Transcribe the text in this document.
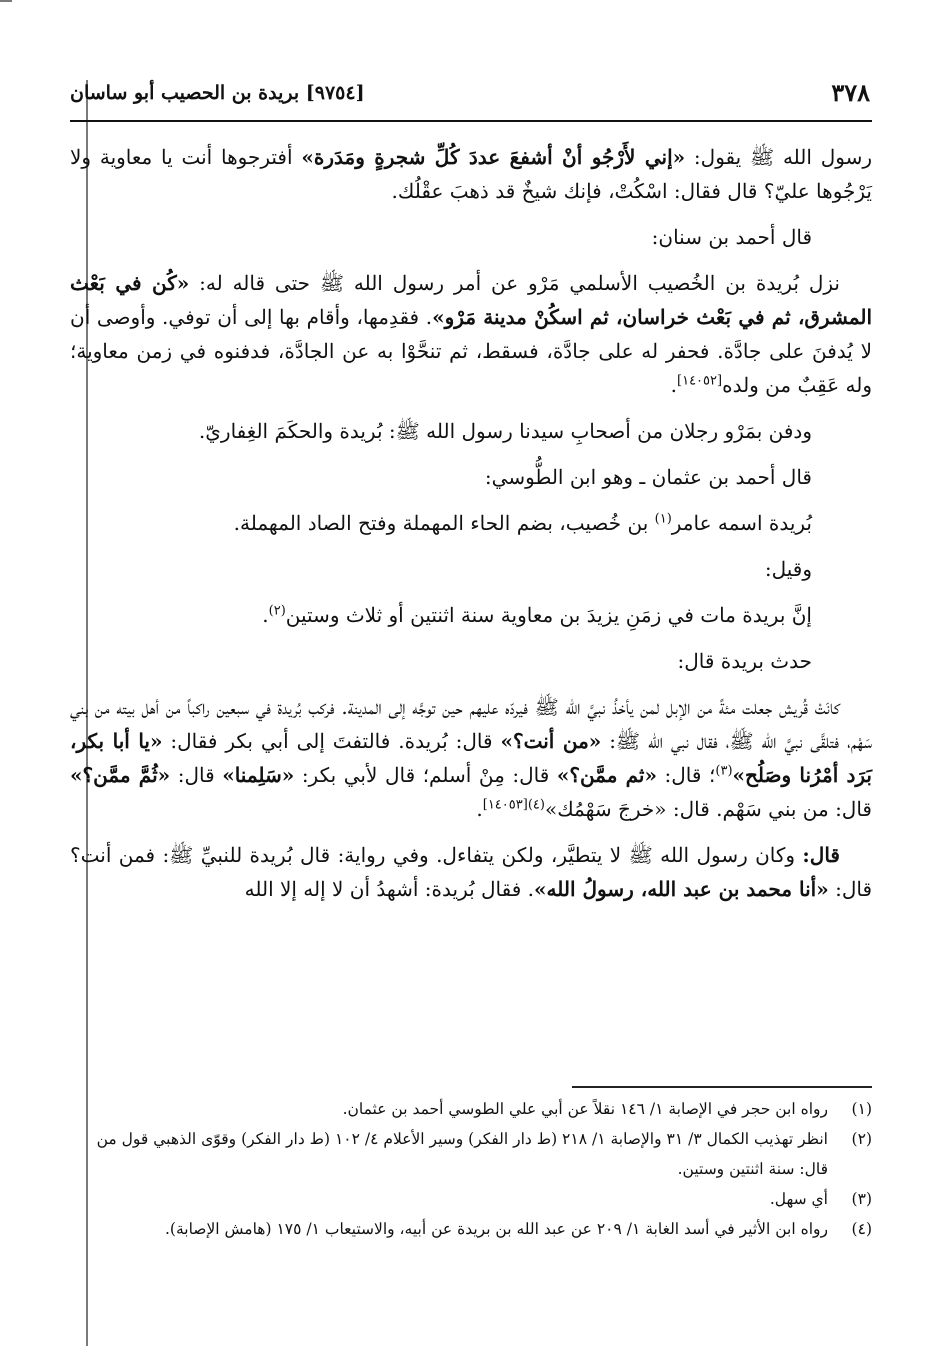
٣٧٨
[٩٧٥٤] بريدة بن الحصيب أبو ساسان

رسول الله ﷺ يقول: «إني لأَرْجُو أنْ أشفعَ عددَ كُلِّ شجرةٍ ومَدَرة» أفترجوها أنت يا معاوية ولا يَرْجُوها عليّ؟ قال فقال: اسْكُتْ، فإنك شيخٌ قد ذهبَ عقْلُك.

قال أحمد بن سنان:

نزل بُريدة بن الخُصيب الأسلمي مَرْو عن أمر رسول الله ﷺ حتى قاله له: «كُن في بَعْث المشرق، ثم في بَعْث خراسان، ثم اسكُنْ مدينة مَرْو». فقدِمها، وأقام بها إلى أن توفي. وأوصى أن لا يُدفنَ على جادَّة. فحفر له على جادَّة، فسقط، ثم تنحَّوْا به عن الجادَّة، فدفنوه في زمن معاوية؛ وله عَقِبٌ من ولده[١٤٠٥٢].

ودفن بمَرْو رجلان من أصحابِ سيدنا رسول الله ﷺ: بُريدة والحكَمَ الغِفاريّ.

قال أحمد بن عثمان ـ وهو ابن الطُّوسي:

بُريدة اسمه عامر$^{(١)}$ بن خُصيب، بضم الحاء المهملة وفتح الصاد المهملة.

وقيل:

إنَّ بريدة مات في زمَنِ يزيدَ بن معاوية سنة اثنتين أو ثلاث وستين$^{(٢)}$.

حدث بريدة قال:

كانَتْ قُريش جعلت مئةً من الإبل لمن يأخذُ نبيَّ الله ﷺ فيردّه عليهم حين توجَّه إلى المدينة. فركب بُريدة في سبعين راكباً من أهل بيته من بني سَهْم، فتلقَّى نبيَّ الله ﷺ، فقال نبي الله ﷺ: «من أنت؟» قال: بُريدة. فالتفتَ إلى أبي بكر فقال: «يا أبا بكر، بَرَد أمْرُنا وصَلُح»$^{(٣)}$؛ قال: «ثم ممَّن؟» قال: مِنْ أسلم؛ قال لأبي بكر: «سَلِمنا» قال: «ثُمَّ ممَّن؟» قال: من بني سَهْم. قال: «خرجَ سَهْمُك»$^{(٤)[١٤٠٥٣]}$.

قال: وكان رسول الله ﷺ لا يتطيَّر، ولكن يتفاءل. وفي رواية: قال بُريدة للنبيِّ ﷺ: فمن أنت؟ قال: «أنا محمد بن عبد الله، رسولُ الله». فقال بُريدة: أشهدُ أن لا إله إلا الله

(١)
رواه ابن حجر في الإصابة ١/ ١٤٦ نقلاً عن أبي علي الطوسي أحمد بن عثمان.
(٢)
انظر تهذيب الكمال ٣/ ٣١ والإصابة ١/ ٢١٨ (ط دار الفكر) وسير الأعلام ٤/ ١٠٢ (ط دار الفكر) وقوّى الذهبي قول من قال: سنة اثنتين وستين.
(٣)
أي سهل.
(٤)
رواه ابن الأثير في أسد الغابة ١/ ٢٠٩ عن عبد الله بن بريدة عن أبيه، والاستيعاب ١/ ١٧٥ (هامش الإصابة).
